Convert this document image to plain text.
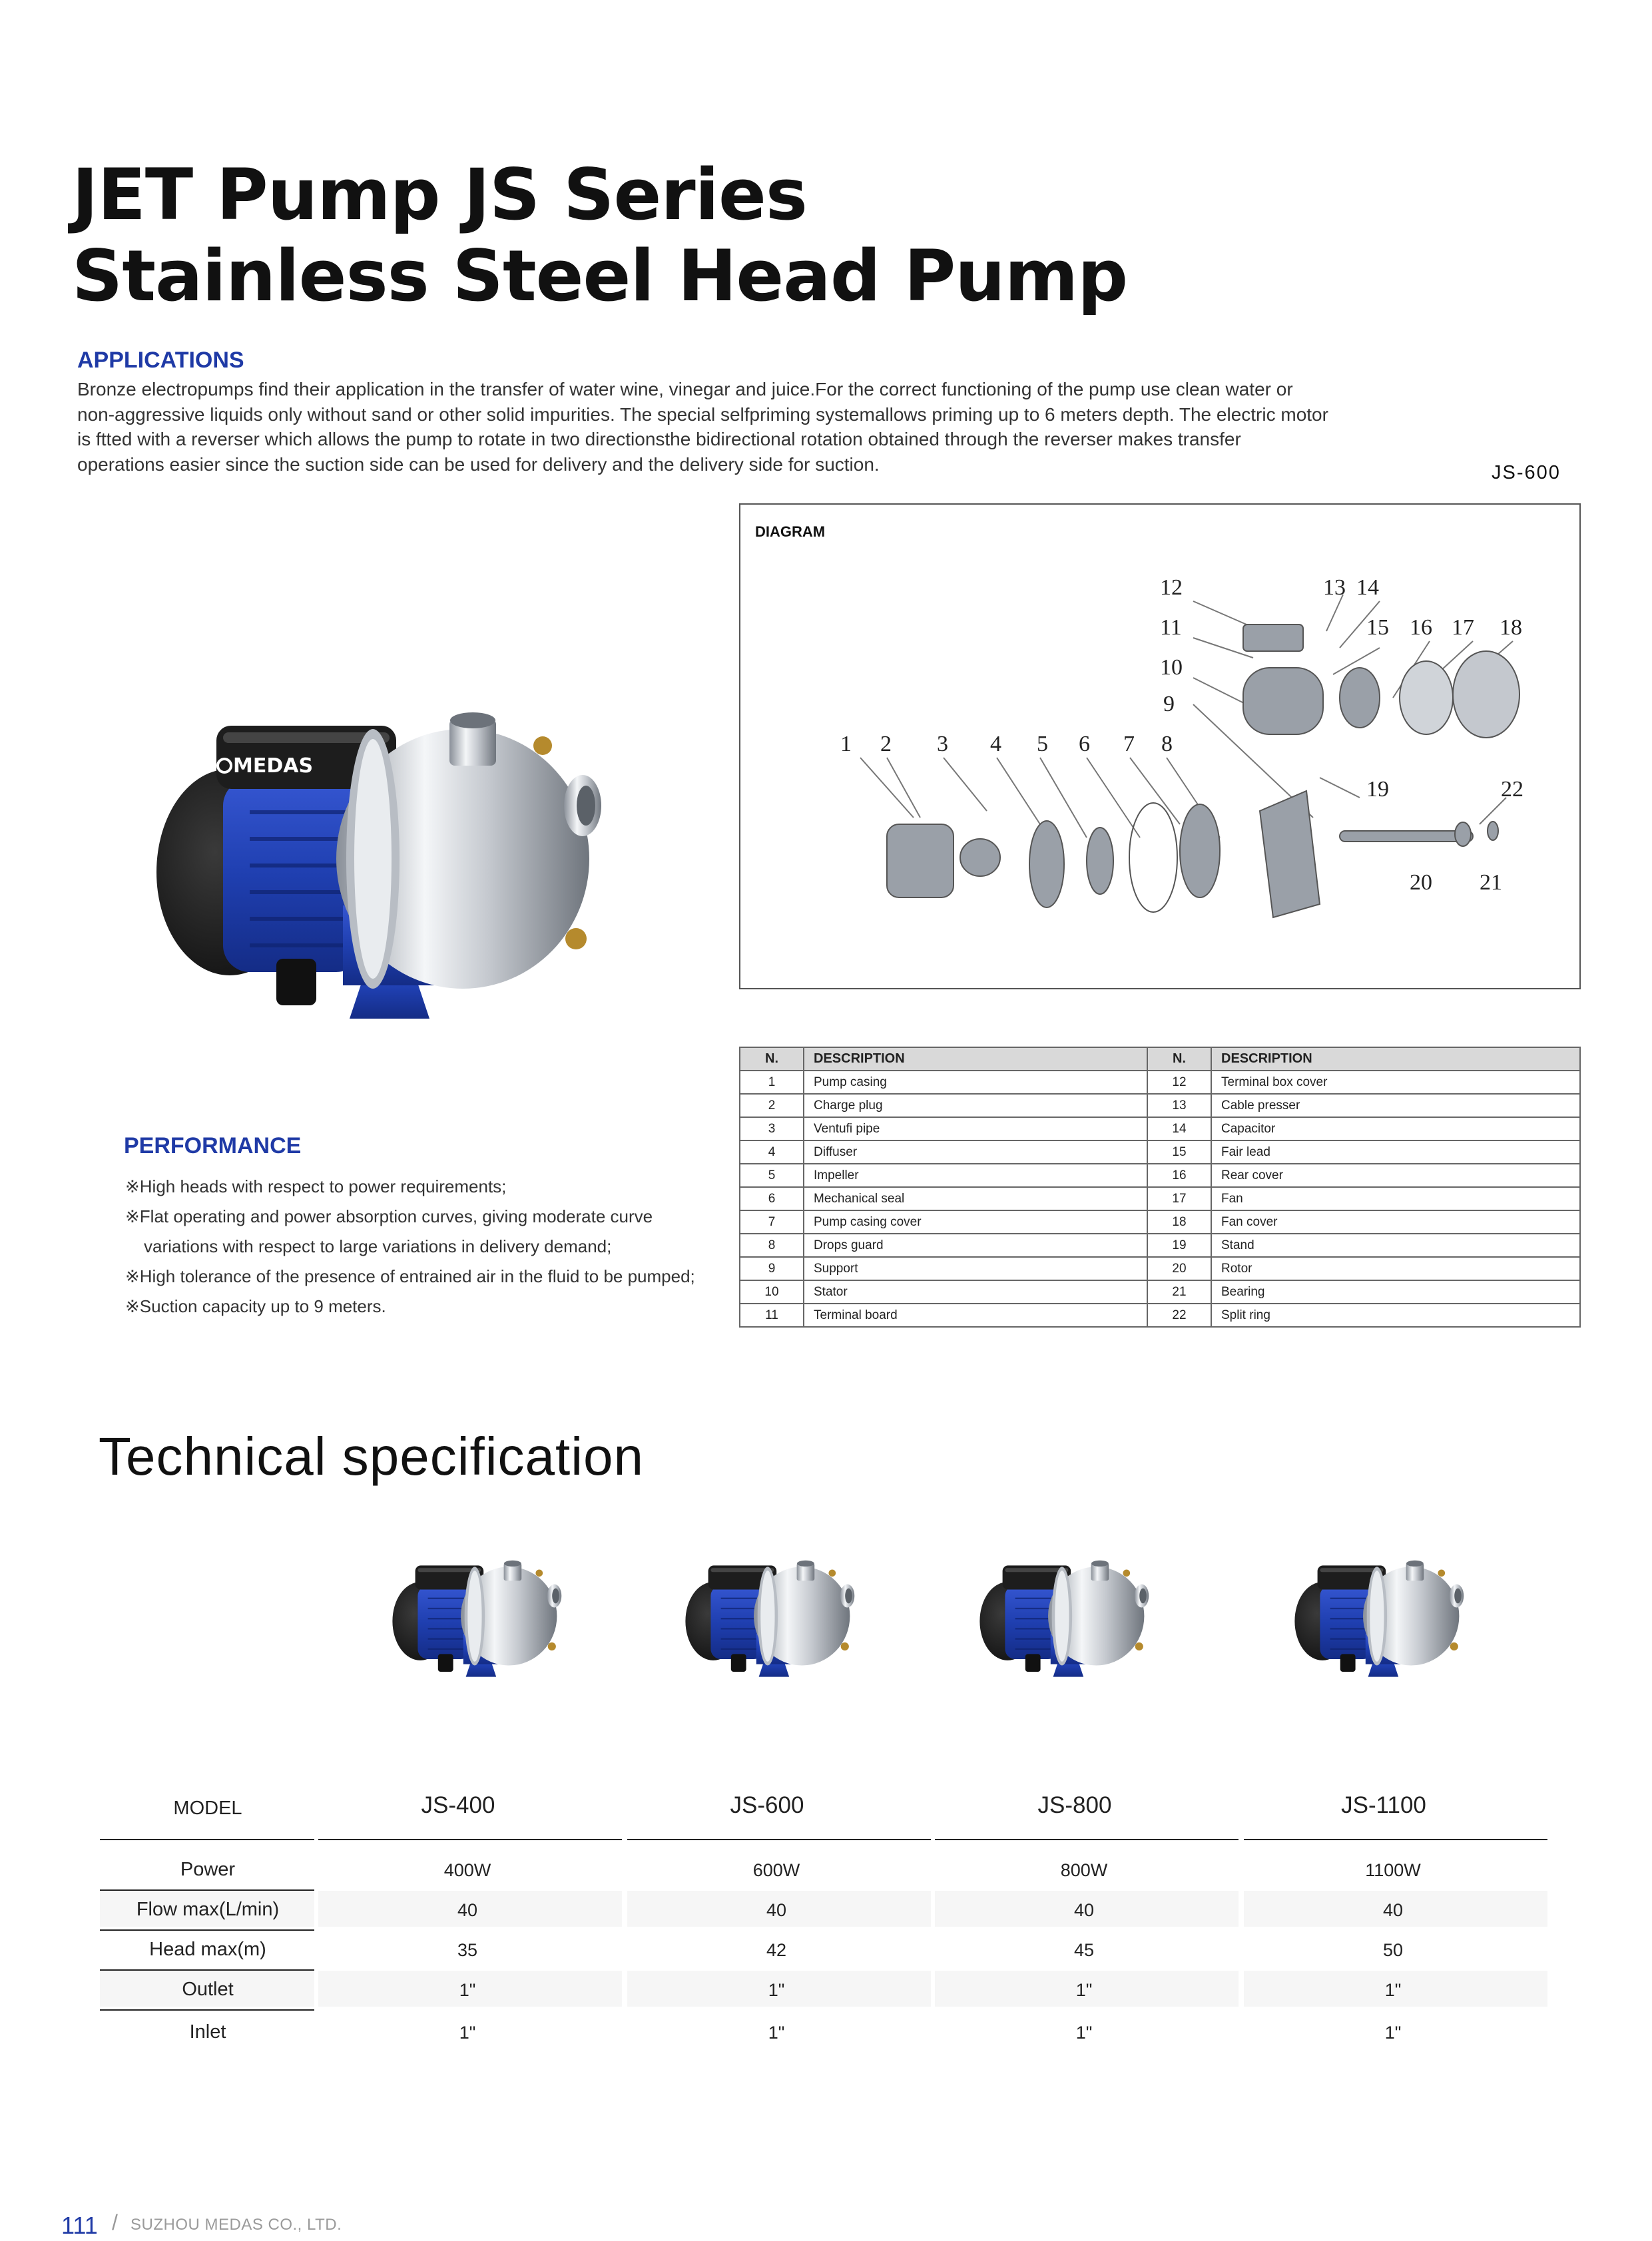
JET Pump JS Series
Stainless Steel Head Pump
APPLICATIONS
Bronze electropumps find their application in the transfer of water wine, vinegar and juice.For the correct functioning of the pump use clean water or non-aggressive liquids only without sand or other solid impurities. The special selfpriming systemallows priming up to 6 meters depth. The electric motor is ftted with a reverser which allows the pump to rotate in two directionsthe bidirectional rotation obtained through the reverser makes transfer operations easier since the suction side can be used for delivery and the delivery side for suction.	JS-600
MEDAS
DIAGRAM
1 2 3 4 5 6 7 8
9
10
11
12	13 14
15 16 17 18
19
20 21
22
N.	DESCRIPTION	N.	DESCRIPTION
1	Pump casing	12	Terminal box cover
2	Charge plug	13	Cable presser
3	Ventufi pipe	14	Capacitor
4	Diffuser	15	Fair lead
5	Impeller	16	Rear cover
6	Mechanical seal	17	Fan
7	Pump casing cover	18	Fan cover
8	Drops guard	19	Stand
9	Support	20	Rotor
10	Stator	21	Bearing
11	Terminal board	22	Split ring
PERFORMANCE
※High heads with respect to power requirements;
※Flat operating and power absorption curves, giving moderate curve
variations with respect to large variations in delivery demand;
※High tolerance of the presence of entrained air in the fluid to be pumped;
※Suction capacity up to 9 meters.
Technical specification
MODEL	JS-400	JS-600	JS-800	JS-1100
Power	400W	600W	800W	1100W
Flow max(L/min)	40	40	40	40
Head max(m)	35	42	45	50
Outlet	1"	1"	1"	1"
Inlet	1"	1"	1"	1"
111 / SUZHOU MEDAS CO., LTD.
